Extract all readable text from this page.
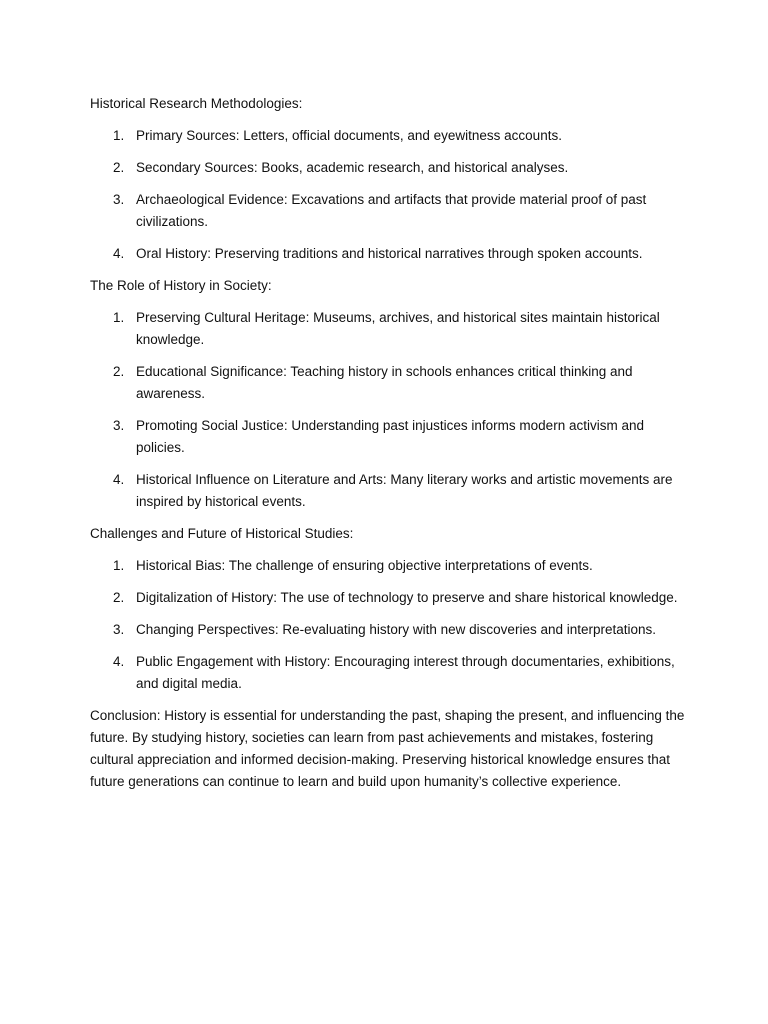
Historical Research Methodologies:
1. Primary Sources: Letters, official documents, and eyewitness accounts.
2. Secondary Sources: Books, academic research, and historical analyses.
3. Archaeological Evidence: Excavations and artifacts that provide material proof of past civilizations.
4. Oral History: Preserving traditions and historical narratives through spoken accounts.
The Role of History in Society:
1. Preserving Cultural Heritage: Museums, archives, and historical sites maintain historical knowledge.
2. Educational Significance: Teaching history in schools enhances critical thinking and awareness.
3. Promoting Social Justice: Understanding past injustices informs modern activism and policies.
4. Historical Influence on Literature and Arts: Many literary works and artistic movements are inspired by historical events.
Challenges and Future of Historical Studies:
1. Historical Bias: The challenge of ensuring objective interpretations of events.
2. Digitalization of History: The use of technology to preserve and share historical knowledge.
3. Changing Perspectives: Re-evaluating history with new discoveries and interpretations.
4. Public Engagement with History: Encouraging interest through documentaries, exhibitions, and digital media.

Conclusion: History is essential for understanding the past, shaping the present, and influencing the future. By studying history, societies can learn from past achievements and mistakes, fostering cultural appreciation and informed decision-making. Preserving historical knowledge ensures that future generations can continue to learn and build upon humanity’s collective experience.
